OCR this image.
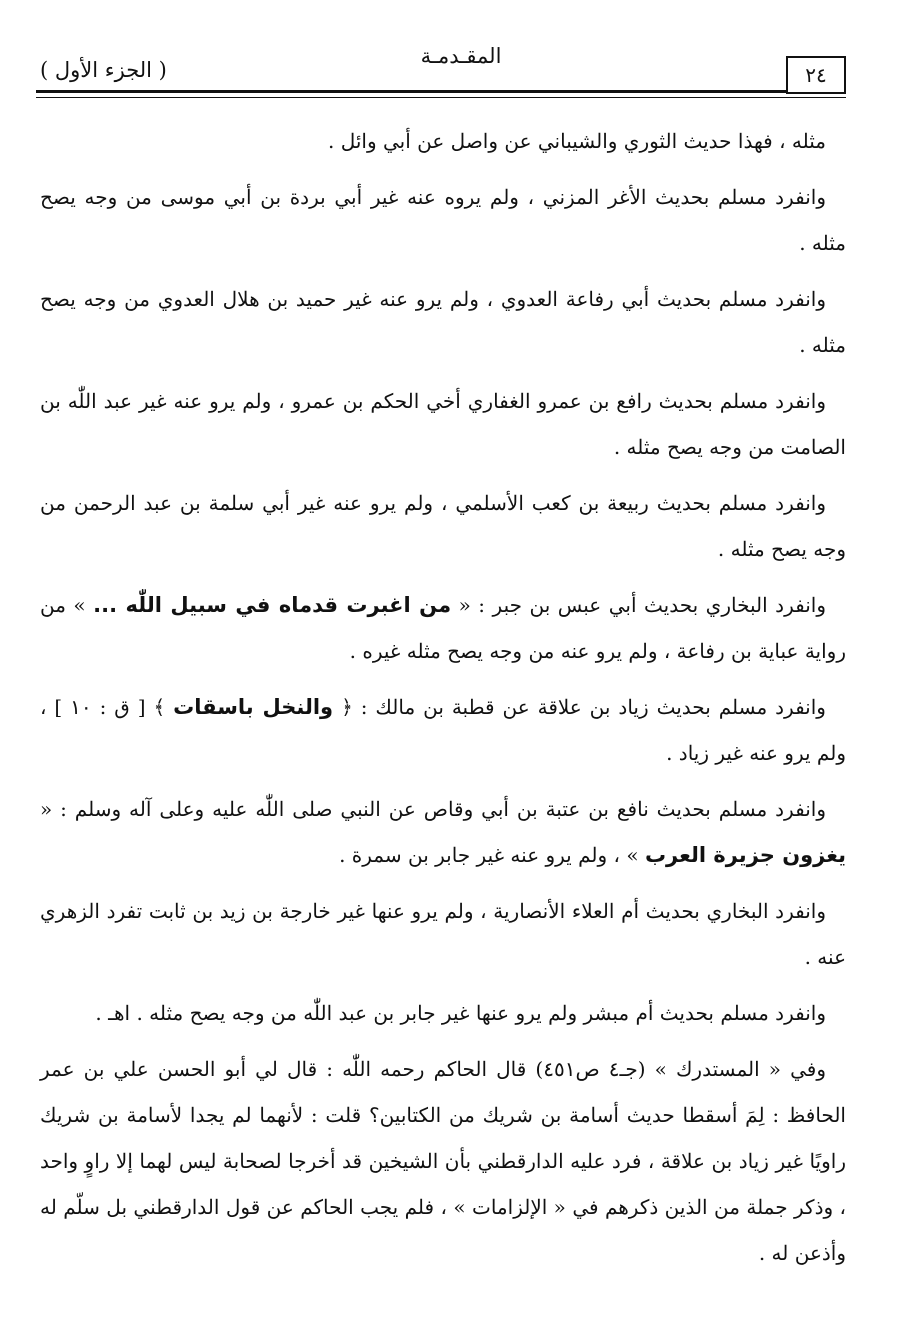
( الجزء الأول )
المقـدمـة
٢٤

مثله ، فهذا حديث الثوري والشيباني عن واصل عن أبي وائل .

وانفرد مسلم بحديث الأغر المزني ، ولم يروه عنه غير أبي بردة بن أبي موسى من وجه يصح مثله .

وانفرد مسلم بحديث أبي رفاعة العدوي ، ولم يرو عنه غير حميد بن هلال العدوي من وجه يصح مثله .

وانفرد مسلم بحديث رافع بن عمرو الغفاري أخي الحكم بن عمرو ، ولم يرو عنه غير عبد اللّٰه بن الصامت من وجه يصح مثله .

وانفرد مسلم بحديث ربيعة بن كعب الأسلمي ، ولم يرو عنه غير أبي سلمة بن عبد الرحمن من وجه يصح مثله .

وانفرد البخاري بحديث أبي عبس بن جبر : « من اغبرت قدماه في سبيل اللّٰه ... » من رواية عباية بن رفاعة ، ولم يرو عنه من وجه يصح مثله غيره .

وانفرد مسلم بحديث زياد بن علاقة عن قطبة بن مالك : ﴿ والنخل باسقات ﴾ [ ق : ١٠ ] ، ولم يرو عنه غير زياد .

وانفرد مسلم بحديث نافع بن عتبة بن أبي وقاص عن النبي صلى اللّٰه عليه وعلى آله وسلم : « يغزون جزيرة العرب » ، ولم يرو عنه غير جابر بن سمرة .

وانفرد البخاري بحديث أم العلاء الأنصارية ، ولم يرو عنها غير خارجة بن زيد بن ثابت تفرد الزهري عنه .

وانفرد مسلم بحديث أم مبشر ولم يرو عنها غير جابر بن عبد اللّٰه من وجه يصح مثله . اهـ .

وفي « المستدرك » (جـ٤ ص٤٥١) قال الحاكم رحمه اللّٰه : قال لي أبو الحسن علي بن عمر الحافظ : لِمَ أسقطا حديث أسامة بن شريك من الكتابين؟ قلت : لأنهما لم يجدا لأسامة بن شريك راويًا غير زياد بن علاقة ، فرد عليه الدارقطني بأن الشيخين قد أخرجا لصحابة ليس لهما إلا راوٍ واحد ، وذكر جملة من الذين ذكرهم في « الإلزامات » ، فلم يجب الحاكم عن قول الدارقطني بل سلّم له وأذعن له .
